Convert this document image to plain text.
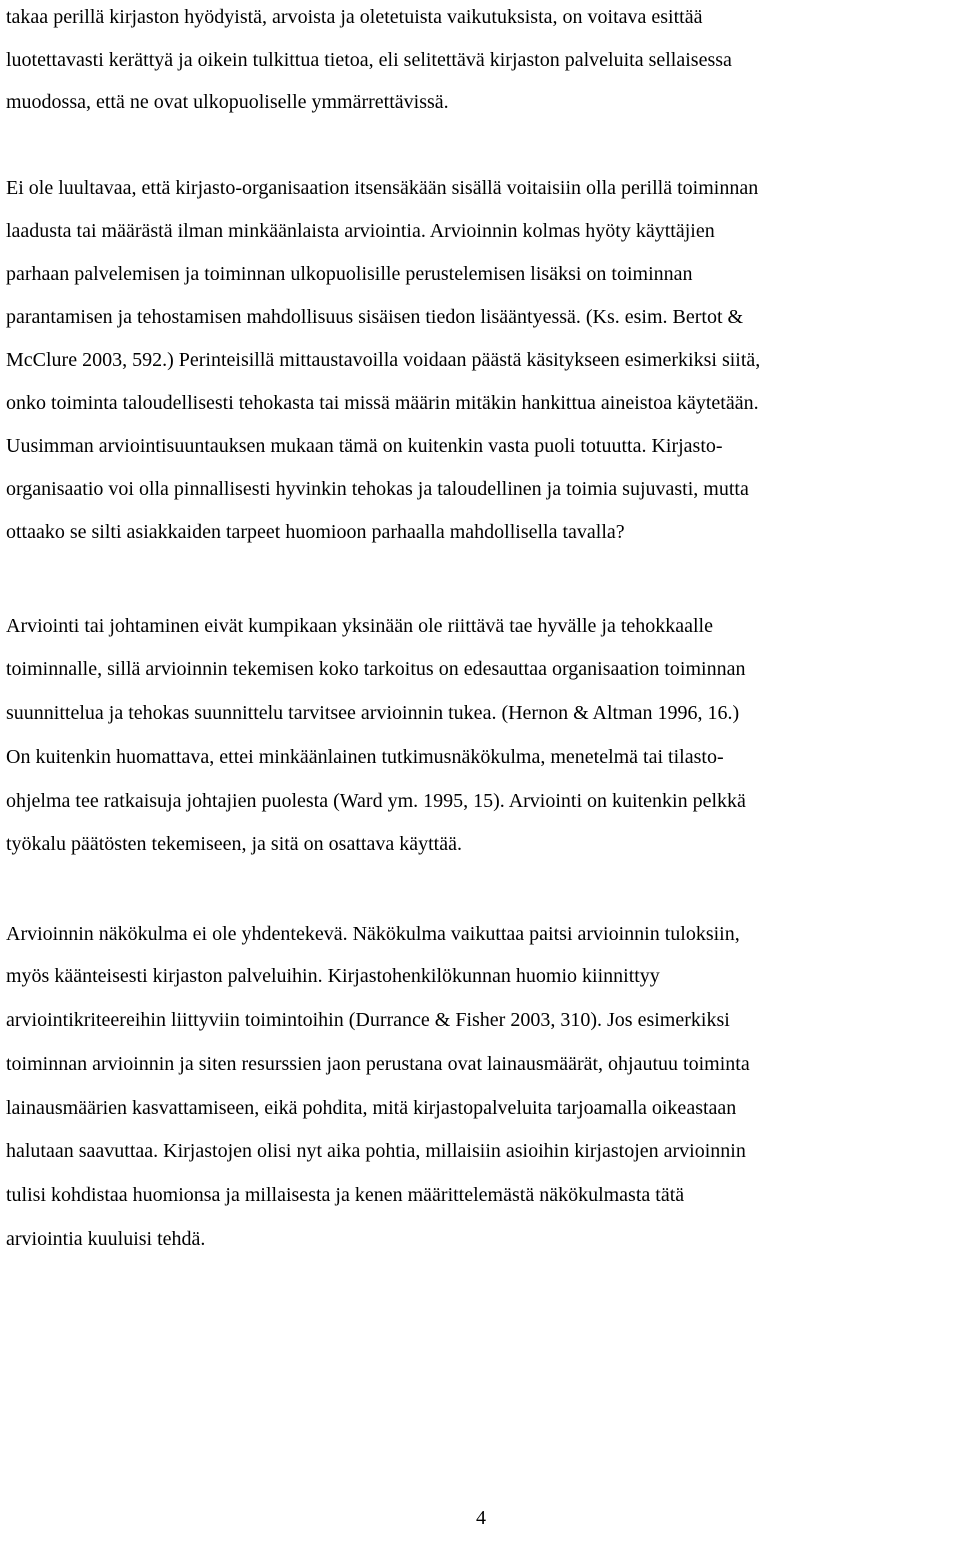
takaa perillä kirjaston hyödyistä, arvoista ja oletetuista vaikutuksista, on voitava esittää
luotettavasti kerättyä ja oikein tulkittua tietoa, eli selitettävä kirjaston palveluita sellaisessa
muodossa, että ne ovat ulkopuoliselle ymmärrettävissä.
Ei ole luultavaa, että kirjasto-organisaation itsensäkään sisällä voitaisiin olla perillä toiminnan
laadusta tai määrästä ilman minkäänlaista arviointia. Arvioinnin kolmas hyöty käyttäjien
parhaan palvelemisen ja toiminnan ulkopuolisille perustelemisen lisäksi on toiminnan
parantamisen ja tehostamisen mahdollisuus sisäisen tiedon lisääntyessä. (Ks. esim. Bertot &
McClure 2003, 592.) Perinteisillä mittaustavoilla voidaan päästä käsitykseen esimerkiksi siitä,
onko toiminta taloudellisesti tehokasta tai missä määrin mitäkin hankittua aineistoa käytetään.
Uusimman arviointisuuntauksen mukaan tämä on kuitenkin vasta puoli totuutta. Kirjasto-
organisaatio voi olla pinnallisesti hyvinkin tehokas ja taloudellinen ja toimia sujuvasti, mutta
ottaako se silti asiakkaiden tarpeet huomioon parhaalla mahdollisella tavalla?
Arviointi tai johtaminen eivät kumpikaan yksinään ole riittävä tae hyvälle ja tehokkaalle
toiminnalle, sillä arvioinnin tekemisen koko tarkoitus on edesauttaa organisaation toiminnan
suunnittelua ja tehokas suunnittelu tarvitsee arvioinnin tukea. (Hernon & Altman 1996, 16.)
On kuitenkin huomattava, ettei minkäänlainen tutkimusnäkökulma, menetelmä tai tilasto-
ohjelma tee ratkaisuja johtajien puolesta (Ward ym. 1995, 15). Arviointi on kuitenkin pelkkä
työkalu päätösten tekemiseen, ja sitä on osattava käyttää.
Arvioinnin näkökulma ei ole yhdentekevä. Näkökulma vaikuttaa paitsi arvioinnin tuloksiin,
myös käänteisesti kirjaston palveluihin. Kirjastohenkilökunnan huomio kiinnittyy
arviointikriteereihin liittyviin toimintoihin (Durrance & Fisher 2003, 310). Jos esimerkiksi
toiminnan arvioinnin ja siten resurssien jaon perustana ovat lainausmäärät, ohjautuu toiminta
lainausmäärien kasvattamiseen, eikä pohdita, mitä kirjastopalveluita tarjoamalla oikeastaan
halutaan saavuttaa. Kirjastojen olisi nyt aika pohtia, millaisiin asioihin kirjastojen arvioinnin
tulisi kohdistaa huomionsa ja millaisesta ja kenen määrittelemästä näkökulmasta tätä
arviointia kuuluisi tehdä.
4
